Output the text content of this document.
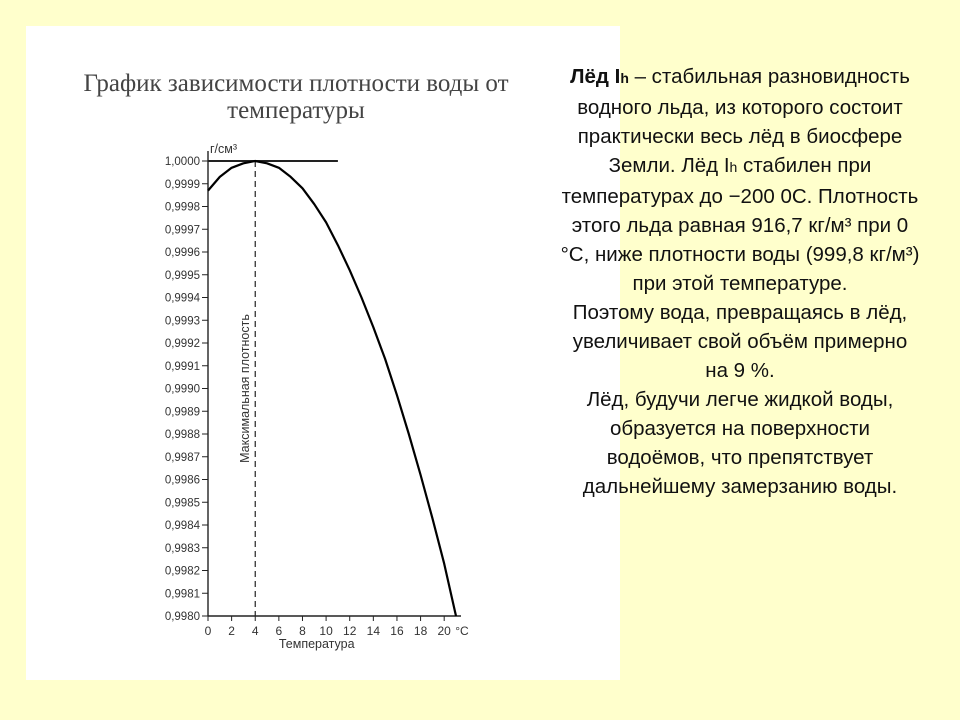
График зависимости плотности воды от
температуры
1,0000
0,9999
0,9998
0,9997
0,9996
0,9995
0,9994
0,9993
0,9992
0,9991
0,9990
0,9989
0,9988
0,9987
0,9986
0,9985
0,9984
0,9983
0,9982
0,9981
0,9980
г/см³
0 2 4 6 8 10 12 14 16 18 20 °C
Температура
Максимальная плотность

Лёд Ih – стабильная разновидность водного льда, из которого состоит практически весь лёд в биосфере Земли. Лёд Ih стабилен при температурах до −200 0С. Плотность этого льда равная 916,7 кг/м³ при 0 °С, ниже плотности воды (999,8 кг/м³) при этой температуре.

Поэтому вода, превращаясь в лёд, увеличивает свой объём примерно на 9 %.

Лёд, будучи легче жидкой воды, образуется на поверхности водоёмов, что препятствует дальнейшему замерзанию воды.
